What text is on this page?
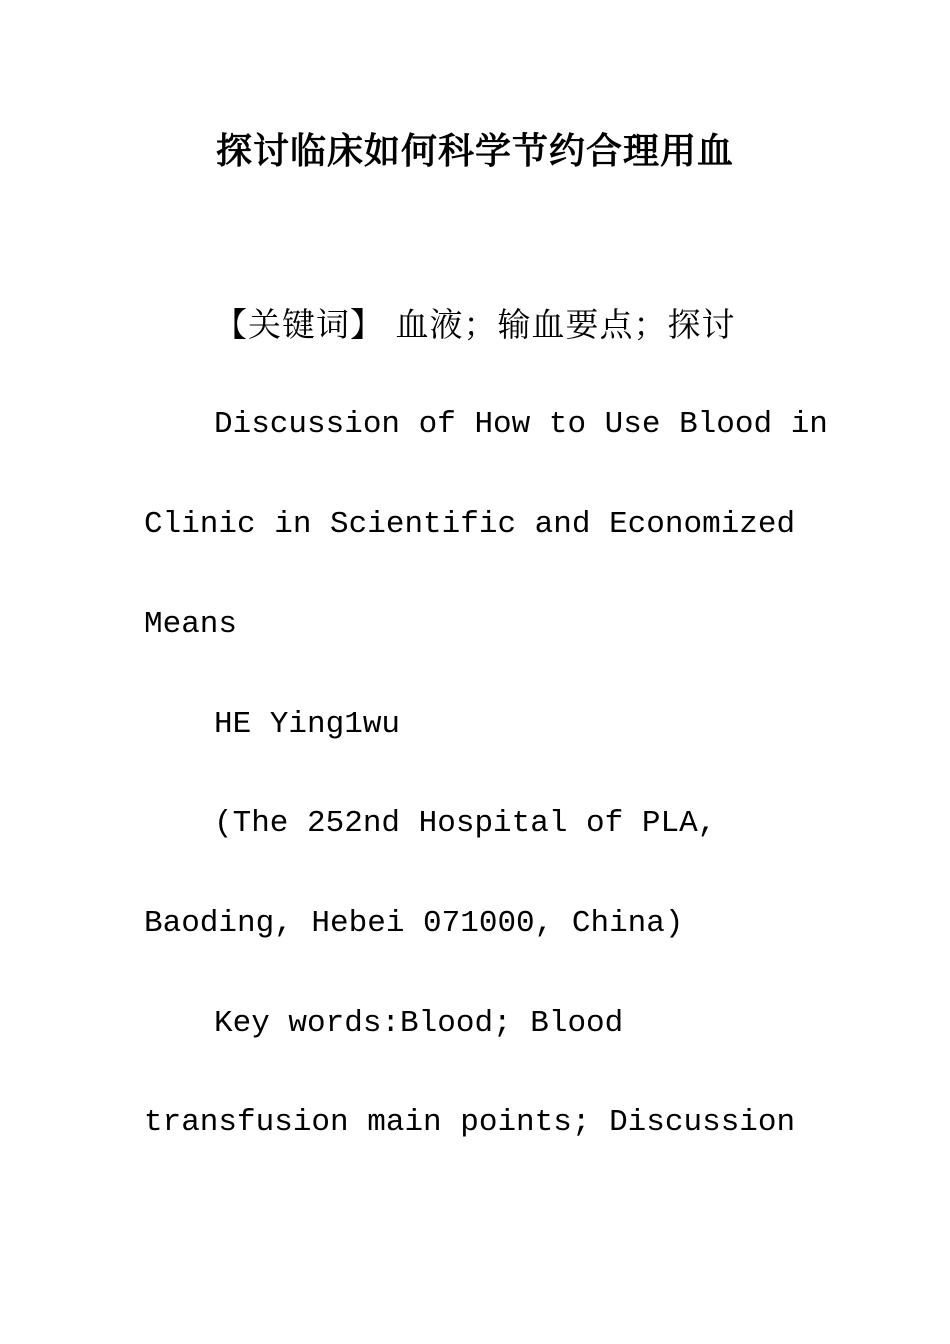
探讨临床如何科学节约合理用血
【关键词】 血液；输血要点；探讨
Discussion of How to Use Blood in
Clinic in Scientific and Economized
Means
HE Ying1wu
(The 252nd Hospital of PLA,
Baoding, Hebei 071000, China)
Key words:Blood; Blood
transfusion main points; Discussion
